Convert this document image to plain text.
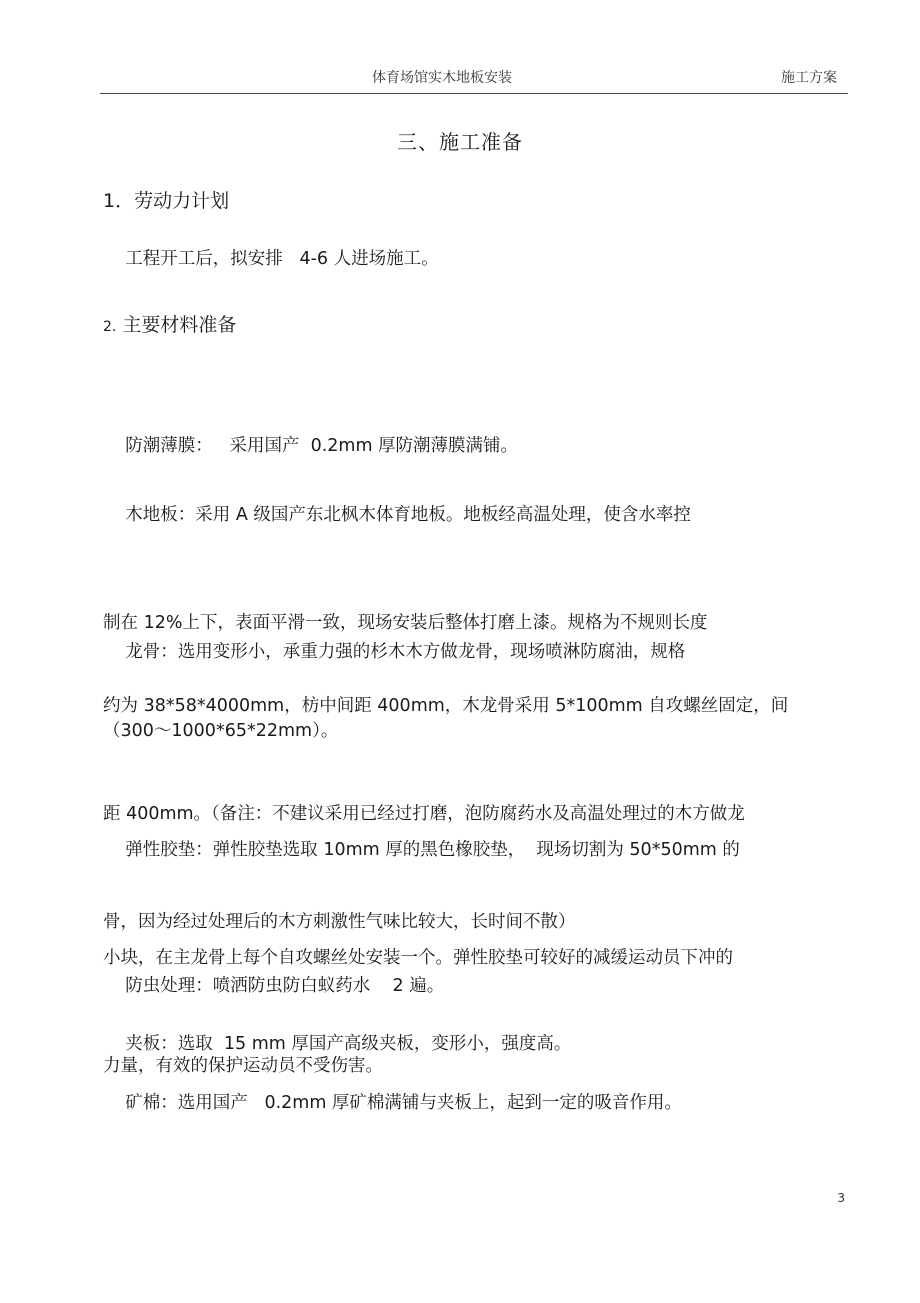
体育场馆实木地板安装	施工方案
三、施工准备
1．劳动力计划
工程开工后，拟安排   4-6 人进场施工。
2. 主要材料准备

防潮薄膜：   采用国产  0.2mm 厚防潮薄膜满铺。

木地板：采用 A 级国产东北枫木体育地板。地板经高温处理，使含水率控

制在 12%上下，表面平滑一致，现场安装后整体打磨上漆。规格为不规则长度

（300～1000*65*22mm）。

龙骨：选用变形小，承重力强的杉木木方做龙骨，现场喷淋防腐油，规格

约为 38*58*4000mm，枋中间距 400mm，木龙骨采用 5*100mm 自攻螺丝固定，间

距 400mm。（备注：不建议采用已经过打磨，泡防腐药水及高温处理过的木方做龙

骨，因为经过处理后的木方刺激性气味比较大，长时间不散）

弹性胶垫：弹性胶垫选取 10mm 厚的黑色橡胶垫，  现场切割为 50*50mm 的

小块，在主龙骨上每个自攻螺丝处安装一个。弹性胶垫可较好的减缓运动员下冲的

力量，有效的保护运动员不受伤害。

防虫处理：喷洒防虫防白蚁药水    2 遍。

夹板：选取  15 mm 厚国产高级夹板，变形小，强度高。

矿棉：选用国产   0.2mm 厚矿棉满铺与夹板上，起到一定的吸音作用。

3
